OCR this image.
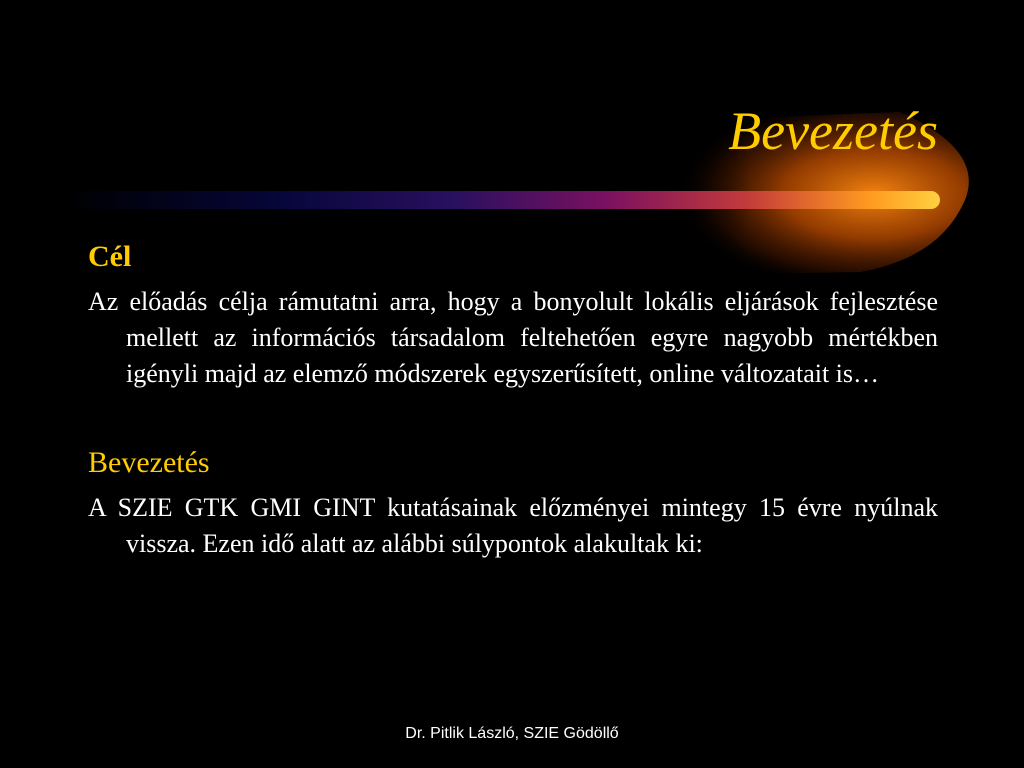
Bevezetés
Cél

Az előadás célja rámutatni arra, hogy a bonyolult lokális eljárások fejlesztése mellett az információs társadalom feltehetően egyre nagyobb mértékben igényli majd az elemző módszerek egyszerűsített, online változatait is…

Bevezetés

A SZIE GTK GMI GINT kutatásainak előzményei mintegy 15 évre nyúlnak vissza. Ezen idő alatt az alábbi súlypontok alakultak ki:

Dr. Pitlik László, SZIE Gödöllő
